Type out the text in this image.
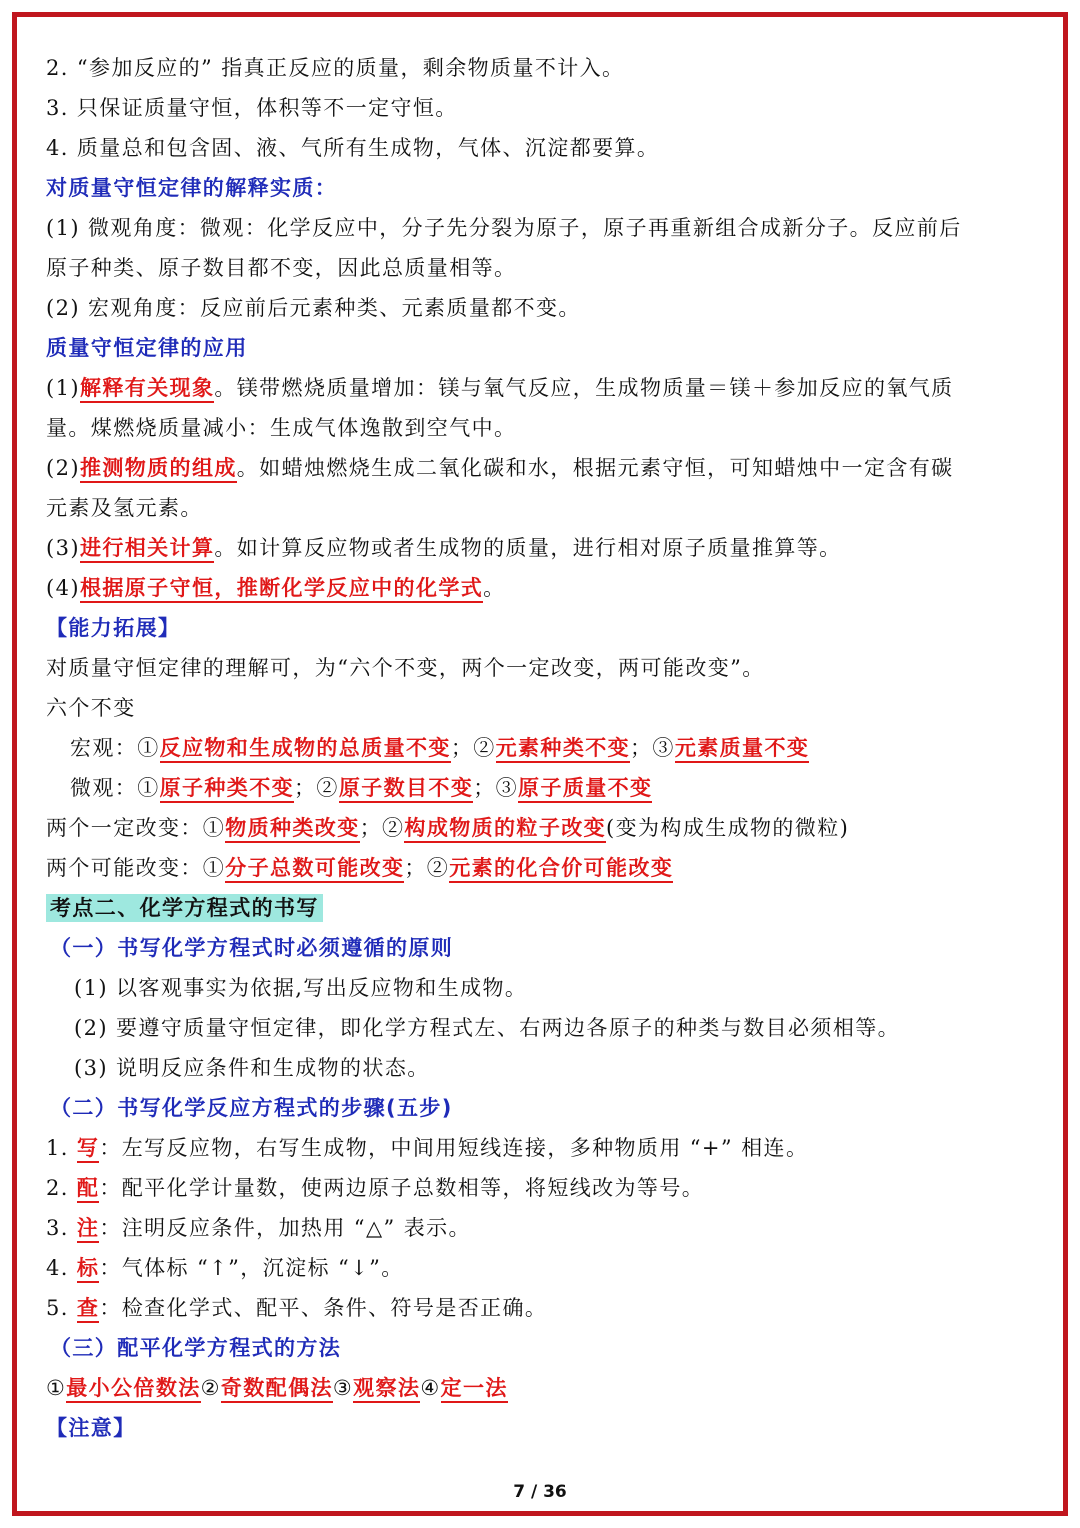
2. “参加反应的” 指真正反应的质量，剩余物质量不计入。
3. 只保证质量守恒，体积等不一定守恒。
4. 质量总和包含固、液、气所有生成物，气体、沉淀都要算。
对质量守恒定律的解释实质：
(1) 微观角度：微观：化学反应中，分子先分裂为原子，原子再重新组合成新分子。反应前后
原子种类、原子数目都不变，因此总质量相等。
(2) 宏观角度：反应前后元素种类、元素质量都不变。
质量守恒定律的应用
(1)解释有关现象。镁带燃烧质量增加：镁与氧气反应，生成物质量＝镁＋参加反应的氧气质
量。煤燃烧质量减小：生成气体逸散到空气中。
(2)推测物质的组成。如蜡烛燃烧生成二氧化碳和水，根据元素守恒，可知蜡烛中一定含有碳
元素及氢元素。
(3)进行相关计算。如计算反应物或者生成物的质量，进行相对原子质量推算等。
(4)根据原子守恒，推断化学反应中的化学式。
【能力拓展】
对质量守恒定律的理解可，为“六个不变，两个一定改变，两可能改变”。
六个不变
宏观：①反应物和生成物的总质量不变；②元素种类不变；③元素质量不变
微观：①原子种类不变；②原子数目不变；③原子质量不变
两个一定改变：①物质种类改变；②构成物质的粒子改变(变为构成生成物的微粒)
两个可能改变：①分子总数可能改变；②元素的化合价可能改变
考点二、化学方程式的书写
（一）书写化学方程式时必须遵循的原则
(1) 以客观事实为依据,写出反应物和生成物。
(2) 要遵守质量守恒定律，即化学方程式左、右两边各原子的种类与数目必须相等。
(3) 说明反应条件和生成物的状态。
（二）书写化学反应方程式的步骤(五步)
1. 写：左写反应物，右写生成物，中间用短线连接，多种物质用 “+” 相连。
2. 配：配平化学计量数，使两边原子总数相等，将短线改为等号。
3. 注：注明反应条件，加热用 “△” 表示。
4. 标：气体标 “↑”，沉淀标 “↓”。
5. 查：检查化学式、配平、条件、符号是否正确。
（三）配平化学方程式的方法
①最小公倍数法②奇数配偶法③观察法④定一法
【注意】
7 / 36
